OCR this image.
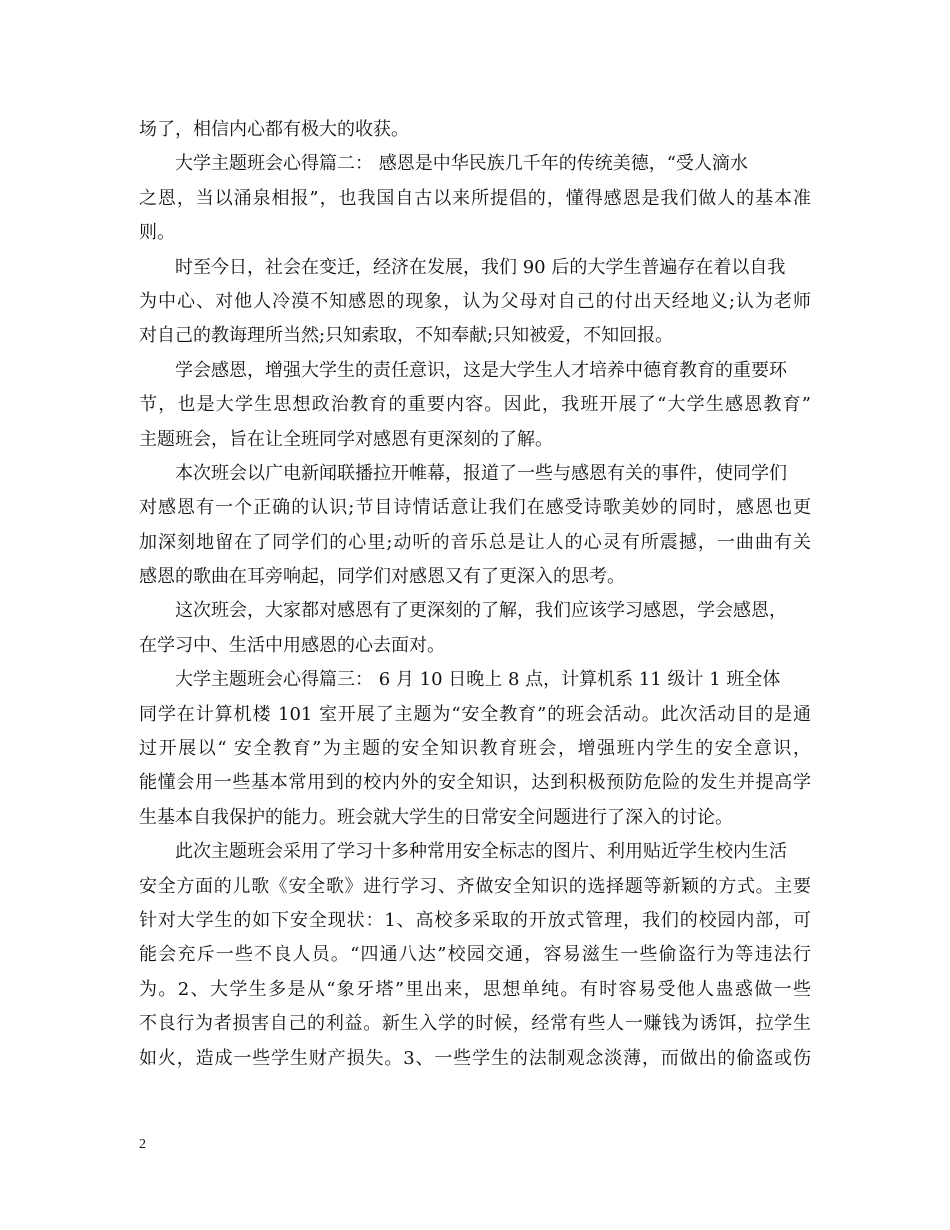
场了，相信内心都有极大的收获。
大学主题班会心得篇二： 感恩是中华民族几千年的传统美德，“受人滴水
之恩，当以涌泉相报”，也我国自古以来所提倡的，懂得感恩是我们做人的基本准
则。
时至今日，社会在变迁，经济在发展，我们 90 后的大学生普遍存在着以自我
为中心、对他人冷漠不知感恩的现象，认为父母对自己的付出天经地义;认为老师
对自己的教诲理所当然;只知索取，不知奉献;只知被爱，不知回报。
学会感恩，增强大学生的责任意识，这是大学生人才培养中德育教育的重要环
节，也是大学生思想政治教育的重要内容。因此，我班开展了“大学生感恩教育”
主题班会，旨在让全班同学对感恩有更深刻的了解。
本次班会以广电新闻联播拉开帷幕，报道了一些与感恩有关的事件，使同学们
对感恩有一个正确的认识;节目诗情话意让我们在感受诗歌美妙的同时，感恩也更
加深刻地留在了同学们的心里;动听的音乐总是让人的心灵有所震撼，一曲曲有关
感恩的歌曲在耳旁响起，同学们对感恩又有了更深入的思考。
这次班会，大家都对感恩有了更深刻的了解，我们应该学习感恩，学会感恩，
在学习中、生活中用感恩的心去面对。
大学主题班会心得篇三： 6 月 10 日晚上 8 点，计算机系 11 级计 1 班全体
同学在计算机楼 101 室开展了主题为“安全教育”的班会活动。此次活动目的是通
过开展以“ 安全教育”为主题的安全知识教育班会，增强班内学生的安全意识，
能懂会用一些基本常用到的校内外的安全知识，达到积极预防危险的发生并提高学
生基本自我保护的能力。班会就大学生的日常安全问题进行了深入的讨论。
此次主题班会采用了学习十多种常用安全标志的图片、利用贴近学生校内生活
安全方面的儿歌《安全歌》进行学习、齐做安全知识的选择题等新颖的方式。主要
针对大学生的如下安全现状：1、高校多采取的开放式管理，我们的校园内部，可
能会充斥一些不良人员。“四通八达”校园交通，容易滋生一些偷盗行为等违法行
为。2、大学生多是从“象牙塔”里出来，思想单纯。有时容易受他人蛊惑做一些
不良行为者损害自己的利益。新生入学的时候，经常有些人一赚钱为诱饵，拉学生
如火，造成一些学生财产损失。3、一些学生的法制观念淡薄，而做出的偷盗或伤
2
